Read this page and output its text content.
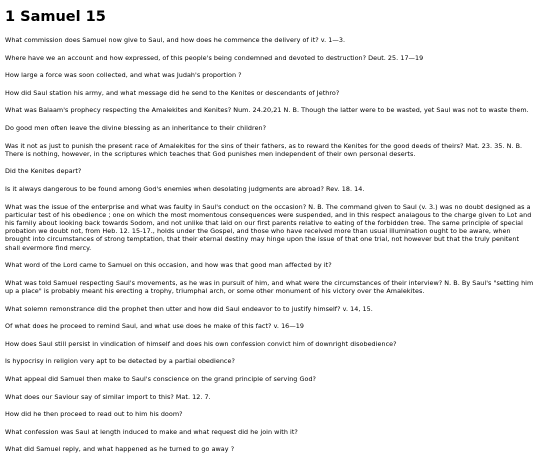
1 Samuel 15

What commission does Samuel now give to Saul, and how does he commence the delivery of it? v. 1—3.

Where have we an account and how expressed, of this people's being condemned and devoted to destruction? Deut. 25. 17—19

How large a force was soon collected, and what was Judah's proportion ?

How did Saul station his army, and what message did he send to the Kenites or descendants of Jethro?

What was Balaam's prophecy respecting the Amalekites and Kenites? Num. 24.20,21 N. B. Though the latter were to be wasted, yet Saul was not to waste them.

Do good men often leave the divine blessing as an inheritance to their children?

Was it not as just to punish the present race of Amalekites for the sins of their fathers, as to reward the Kenites for the good deeds of theirs? Mat. 23. 35. N. B. There is nothing, however, in the scriptures which teaches that God punishes men independent of their own personal deserts.

Did the Kenites depart?

Is it always dangerous to be found among God's enemies when desolating judgments are abroad? Rev. 18. 14.

What was the issue of the enterprise and what was faulty in Saul's conduct on the occasion? N. B. The command given to Saul (v. 3.) was no doubt designed as a particular test of his obedience ; one on which the most momentous consequences were suspended, and in this respect analagous to the charge given to Lot and his family about looking back towards Sodom, and not unlike that laid on our first parents relative to eating of the forbidden tree. The same principle of special probation we doubt not, from Heb. 12. 15-17., holds under the Gospel, and those who have received more than usual illumination ought to be aware, when brought into circumstances of strong temptation, that their eternal destiny may hinge upon the issue of that one trial, not however but that the truly penitent shall evermore find mercy.

What word of the Lord came to Samuel on this occasion, and how was that good man affected by it?

What was told Samuel respecting Saul's movements, as he was in pursuit of him, and what were the circumstances of their interview? N. B. By Saul's "setting him up a place" is probably meant his erecting a trophy, triumphal arch, or some other monument of his victory over the Amalekites.

What solemn remonstrance did the prophet then utter and how did Saul endeavor to to justify himself? v. 14, 15.

Of what does he proceed to remind Saul, and what use does he make of this fact? v. 16—19

How does Saul still persist in vindication of himself and does his own confession convict him of downright disobedience?

Is hypocrisy in religion very apt to be detected by a partial obedience?

What appeal did Samuel then make to Saul's conscience on the grand principle of serving God?

What does our Saviour say of similar import to this? Mat. 12. 7.

How did he then proceed to read out to him his doom?

What confession was Saul at length induced to make and what request did he join with it?

What did Samuel reply, and what happened as he turned to go away ?
